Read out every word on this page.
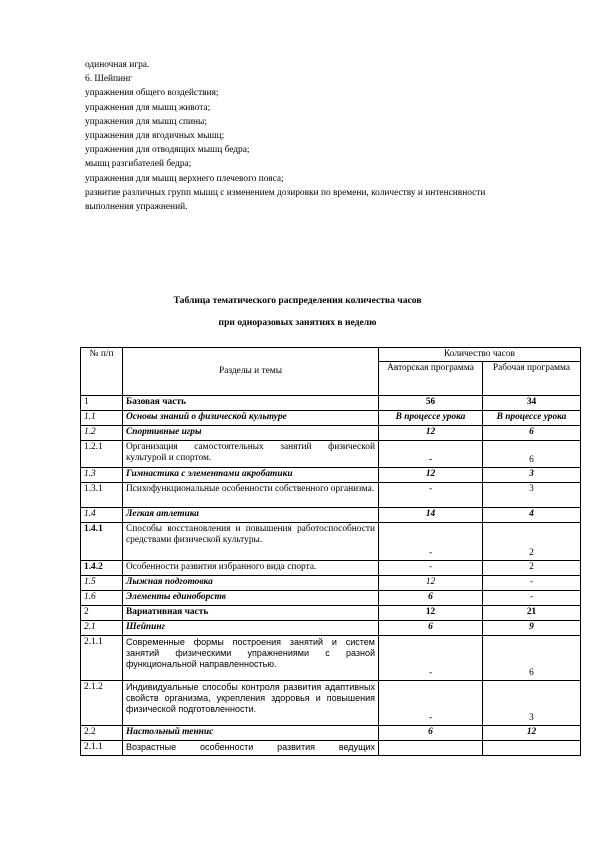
одиночная игра.
6. Шейпинг
упражнения общего воздействия;
упражнения для мышц живота;
упражнения для мышц спины;
упражнения для ягодичных мышц;
упражнения для отводящих мышц бедра;
мышц разгибателей бедра;
упражнения для мышц верхнего плечевого пояса;
развитие различных групп мышц с изменением дозировки по времени, количеству и интенсивности выполнения упражнений.
Таблица тематического распределения количества часов
при одноразовых занятиях в неделю
№ п/п	Разделы и темы	Количество часов	
		Авторская программа	Рабочая программа
1	Базовая часть	56	34
1.1	Основы знаний о физической культуре	В процессе урока	В процессе урока
1.2	Спортивные игры	12	6
1.2.1	Организация самостоятельных занятий физической культурой и спортом.	-	6
1.3	Гимнастика с элементами акробатики	12	3
1.3.1	Психофункциональные особенности собственного организма.	-	3
1.4	Легкая атлетика	14	4
1.4.1	Способы восстановления и повышения работоспособности средствами физической культуры.	-	2
1.4.2	Особенности развития избранного вида спорта.	-	2
1.5	Лыжная подготовка	12	-
1.6	Элементы единоборств	6	-
2	Вариативная часть	12	21
2.1	Шейпинг	6	9
2.1.1	Современные формы построения занятий и систем занятий физическими упражнениями с разной функциональной направленностью.	-	6
2.1.2	Индивидуальные способы контроля развития адаптивных свойств организма, укрепления здоровья и повышения физической подготовленности.	-	3
2.2	Настольный теннис	6	12
2.1.1	Возрастные особенности развития ведущих		
